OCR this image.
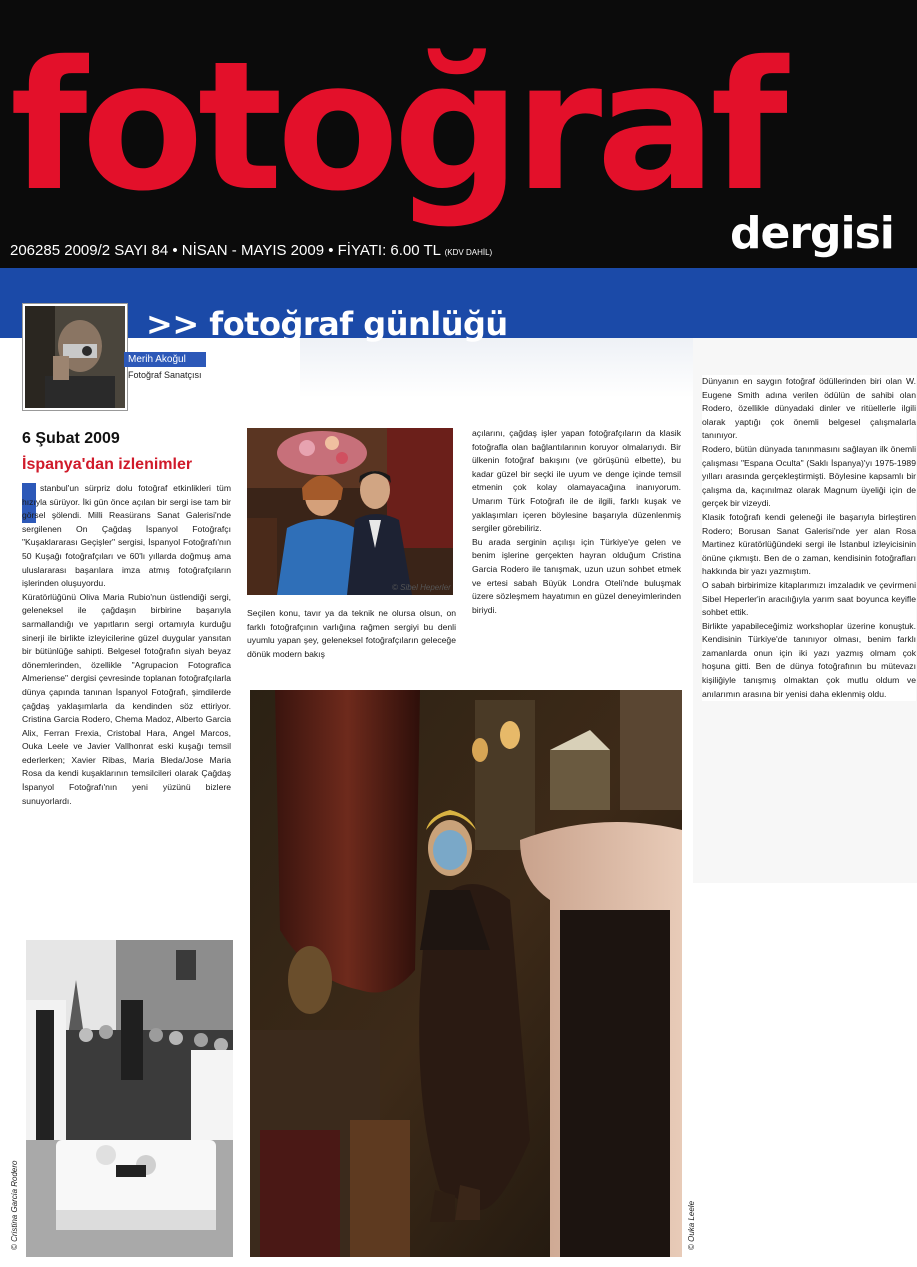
fotoğraf
dergisi
206285 2009/2 SAYI 84 • NİSAN - MAYIS 2009 • FİYATI: 6.00 TL (KDV DAHİL)
>> fotoğraf günlüğü
Merih Akoğul
Fotoğraf Sanatçısı
6 Şubat 2009
İspanya'dan izlenimler

stanbul'un sürpriz dolu fotoğraf etkinlikleri tüm hızıyla sürüyor. İki gün önce açılan bir sergi ise tam bir görsel şölendi. Milli Reasürans Sanat Galerisi'nde sergilenen On Çağdaş İspanyol Fotoğrafçı "Kuşaklararası Geçişler" sergisi, İspanyol Fotoğrafı'nın 50 Kuşağı fotoğrafçıları ve 60'lı yıllarda doğmuş ama uluslararası başarılara imza atmış fotoğrafçıların işlerinden oluşuyordu.

Küratörlüğünü Oliva Maria Rubio'nun üstlendiği sergi, geleneksel ile çağdaşın birbirine başarıyla sarmallandığı ve yapıtların sergi ortamıyla kurduğu sinerji ile birlikte izleyicilerine güzel duygular yansıtan bir bütünlüğe sahipti. Belgesel fotoğrafın siyah beyaz dönemlerinden, özellikle "Agrupacion Fotografica Almeriense" dergisi çevresinde toplanan fotoğrafçılarla dünya çapında tanınan İspanyol Fotoğrafı, şimdilerde çağdaş yaklaşımlarla da kendinden söz ettiriyor. Cristina Garcia Rodero, Chema Madoz, Alberto Garcia Alix, Ferran Frexia, Cristobal Hara, Angel Marcos, Ouka Leele ve Javier Vallhonrat eski kuşağı temsil ederlerken; Xavier Ribas, Maria Bleda/Jose Maria Rosa da kendi kuşaklarının temsilcileri olarak Çağdaş İspanyol Fotoğrafı'nın yeni yüzünü bizlere sunuyorlardı.

© Sibel Heperler

Seçilen konu, tavır ya da teknik ne olursa olsun, on farklı fotoğrafçının varlığına rağmen sergiyi bu denli uyumlu yapan şey, geleneksel fotoğrafçıların geleceğe dönük modern bakış

açılarını, çağdaş işler yapan fotoğrafçıların da klasik fotoğrafla olan bağlantılarının koruyor olmalarıydı. Bir ülkenin fotoğraf bakışını (ve görüşünü elbette), bu kadar güzel bir seçki ile uyum ve denge içinde temsil etmenin çok kolay olamayacağına inanıyorum. Umarım Türk Fotoğrafı ile de ilgili, farklı kuşak ve yaklaşımları içeren böylesine başarıyla düzenlenmiş sergiler görebiliriz.

Bu arada serginin açılışı için Türkiye'ye gelen ve benim işlerine gerçekten hayran olduğum Cristina Garcia Rodero ile tanışmak, uzun uzun sohbet etmek ve ertesi sabah Büyük Londra Oteli'nde buluşmak üzere sözleşmem hayatımın en güzel deneyimlerinden biriydi.

Dünyanın en saygın fotoğraf ödüllerinden biri olan W. Eugene Smith adına verilen ödülün de sahibi olan Rodero, özellikle dünyadaki dinler ve ritüellerle ilgili olarak yaptığı çok önemli belgesel çalışmalarla tanınıyor.

Rodero, bütün dünyada tanınmasını sağlayan ilk önemli çalışması "Espana Oculta" (Saklı İspanya)'yı 1975-1989 yılları arasında gerçekleştirmişti. Böylesine kapsamlı bir çalışma da, kaçınılmaz olarak Magnum üyeliği için de gerçek bir vizeydi.

Klasik fotoğrafı kendi geleneği ile başarıyla birleştiren Rodero; Borusan Sanat Galerisi'nde yer alan Rosa Martinez küratörlüğündeki sergi ile İstanbul izleyicisinin önüne çıkmıştı. Ben de o zaman, kendisinin fotoğrafları hakkında bir yazı yazmıştım.

O sabah birbirimize kitaplarımızı imzaladık ve çevirmeni Sibel Heperler'in aracılığıyla yarım saat boyunca keyifle sohbet ettik.

Birlikte yapabileceğimiz workshoplar üzerine konuştuk. Kendisinin Türkiye'de tanınıyor olması, benim farklı zamanlarda onun için iki yazı yazmış olmam çok hoşuna gitti. Ben de dünya fotoğrafının bu mütevazı kişiliğiyle tanışmış olmaktan çok mutlu oldum ve anılarımın arasına bir yenisi daha eklenmiş oldu.

© Cristina Garcia Rodero	© Ouka Leele
